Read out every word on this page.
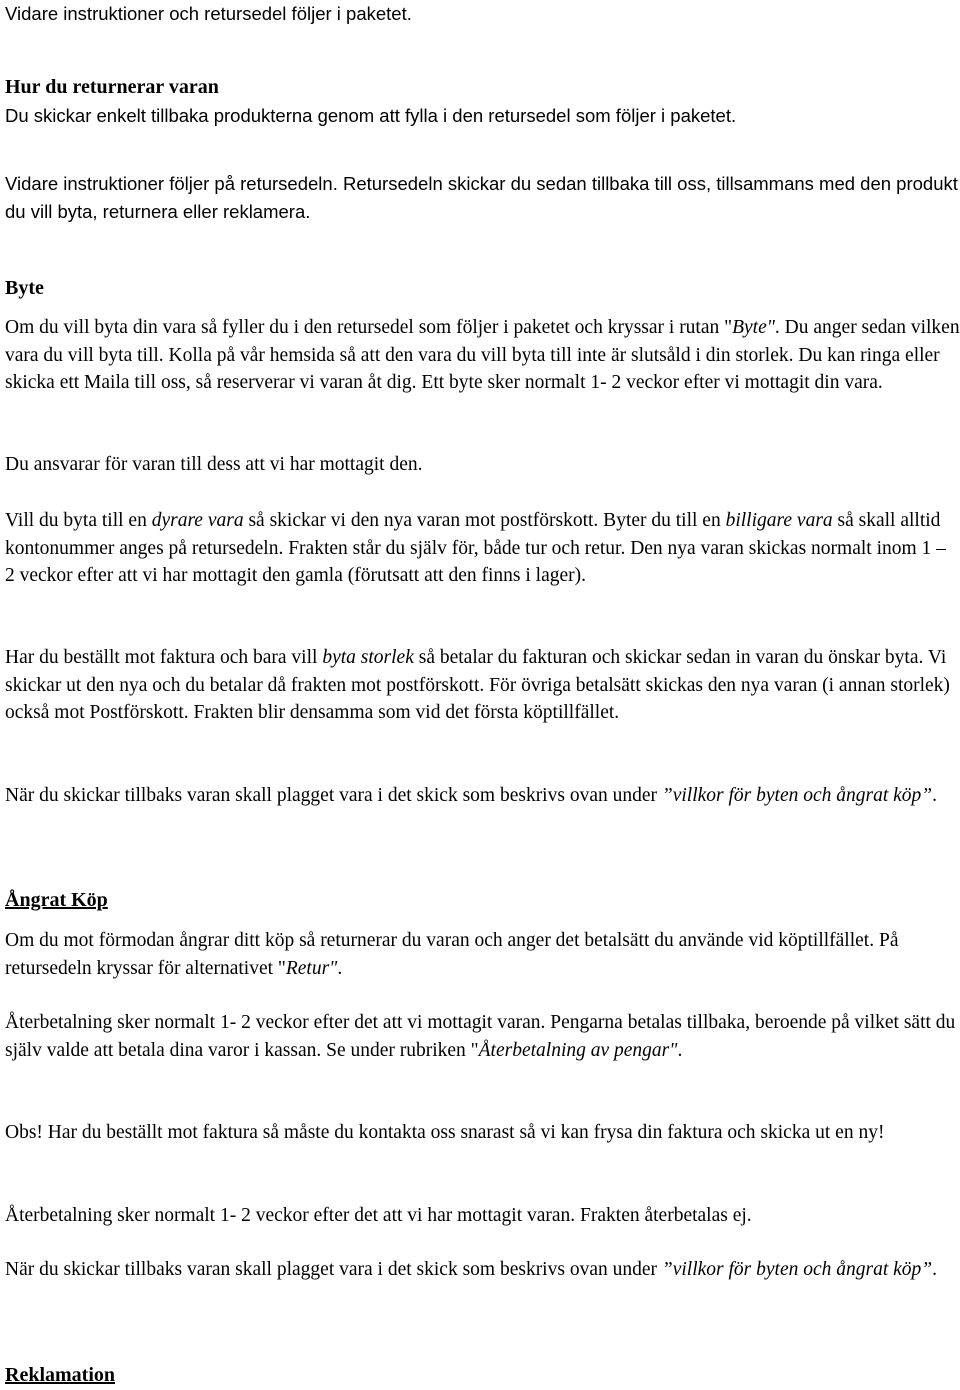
Vidare instruktioner och retursedel följer i paketet.

Hur du returnerar varan

Du skickar enkelt tillbaka produkterna genom att fylla i den retursedel som följer i paketet.

Vidare instruktioner följer på retursedeln. Retursedeln skickar du sedan tillbaka till oss, tillsammans med den produkt du vill byta, returnera eller reklamera.

Byte

Om du vill byta din vara så fyller du i den retursedel som följer i paketet och kryssar i rutan "Byte". Du anger sedan vilken vara du vill byta till. Kolla på vår hemsida så att den vara du vill byta till inte är slutsåld i din storlek. Du kan ringa eller skicka ett Maila till oss, så reserverar vi varan åt dig. Ett byte sker normalt 1- 2 veckor efter vi mottagit din vara.

Du ansvarar för varan till dess att vi har mottagit den.

Vill du byta till en dyrare vara så skickar vi den nya varan mot postförskott. Byter du till en billigare vara så skall alltid kontonummer anges på retursedeln. Frakten står du själv för, både tur och retur. Den nya varan skickas normalt inom 1 – 2 veckor efter att vi har mottagit den gamla (förutsatt att den finns i lager).

Har du beställt mot faktura och bara vill byta storlek så betalar du fakturan och skickar sedan in varan du önskar byta. Vi skickar ut den nya och du betalar då frakten mot postförskott. För övriga betalsätt skickas den nya varan (i annan storlek) också mot Postförskott. Frakten blir densamma som vid det första köptillfället.

När du skickar tillbaks varan skall plagget vara i det skick som beskrivs ovan under ”villkor för byten och ångrat köp”.

Ångrat Köp

Om du mot förmodan ångrar ditt köp så returnerar du varan och anger det betalsätt du använde vid köptillfället. På retursedeln kryssar för alternativet "Retur".

Återbetalning sker normalt 1- 2 veckor efter det att vi mottagit varan. Pengarna betalas tillbaka, beroende på vilket sätt du själv valde att betala dina varor i kassan. Se under rubriken "Återbetalning av pengar".

Obs! Har du beställt mot faktura så måste du kontakta oss snarast så vi kan frysa din faktura och skicka ut en ny!

Återbetalning sker normalt 1- 2 veckor efter det att vi har mottagit varan. Frakten återbetalas ej.

När du skickar tillbaks varan skall plagget vara i det skick som beskrivs ovan under ”villkor för byten och ångrat köp”.

Reklamation
